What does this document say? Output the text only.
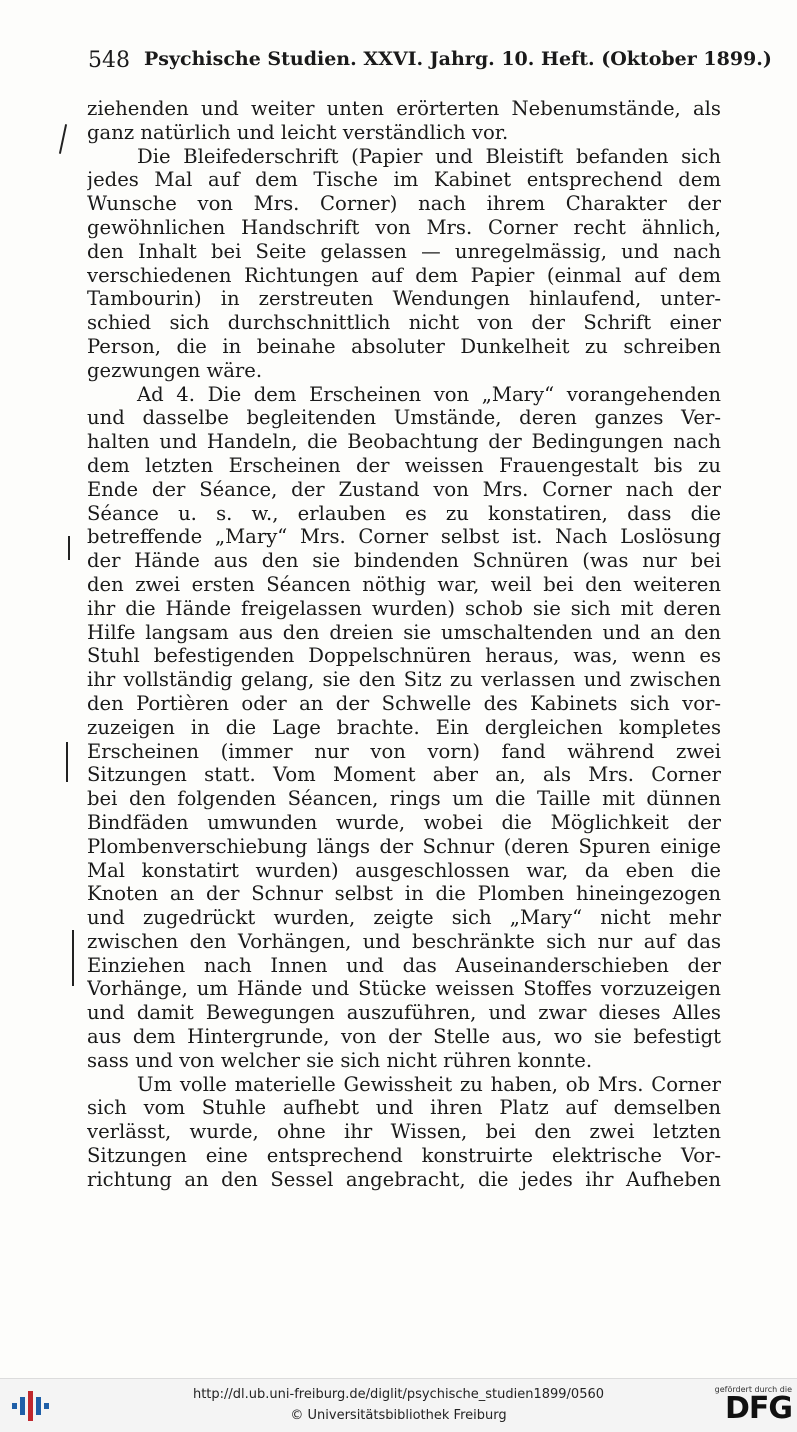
548 Psychische Studien. XXVI. Jahrg. 10. Heft. (Oktober 1899.)
ziehenden und weiter unten erörterten Nebenumstände, als
ganz natürlich und leicht verständlich vor.
Die Bleifederschrift (Papier und Bleistift befanden sich
jedes Mal auf dem Tische im Kabinet entsprechend dem
Wunsche von Mrs. Corner) nach ihrem Charakter der
gewöhnlichen Handschrift von Mrs. Corner recht ähnlich,
den Inhalt bei Seite gelassen — unregelmässig, und nach
verschiedenen Richtungen auf dem Papier (einmal auf dem
Tambourin) in zerstreuten Wendungen hinlaufend, unter-
schied sich durchschnittlich nicht von der Schrift einer
Person, die in beinahe absoluter Dunkelheit zu schreiben
gezwungen wäre.
Ad 4. Die dem Erscheinen von „Mary“ vorangehenden
und dasselbe begleitenden Umstände, deren ganzes Ver-
halten und Handeln, die Beobachtung der Bedingungen nach
dem letzten Erscheinen der weissen Frauengestalt bis zu
Ende der Séance, der Zustand von Mrs. Corner nach der
Séance u. s. w., erlauben es zu konstatiren, dass die
betreffende „Mary“ Mrs. Corner selbst ist. Nach Loslösung
der Hände aus den sie bindenden Schnüren (was nur bei
den zwei ersten Séancen nöthig war, weil bei den weiteren
ihr die Hände freigelassen wurden) schob sie sich mit deren
Hilfe langsam aus den dreien sie umschaltenden und an den
Stuhl befestigenden Doppelschnüren heraus, was, wenn es
ihr vollständig gelang, sie den Sitz zu verlassen und zwischen
den Portièren oder an der Schwelle des Kabinets sich vor-
zuzeigen in die Lage brachte. Ein dergleichen kompletes
Erscheinen (immer nur von vorn) fand während zwei
Sitzungen statt. Vom Moment aber an, als Mrs. Corner
bei den folgenden Séancen, rings um die Taille mit dünnen
Bindfäden umwunden wurde, wobei die Möglichkeit der
Plombenverschiebung längs der Schnur (deren Spuren einige
Mal konstatirt wurden) ausgeschlossen war, da eben die
Knoten an der Schnur selbst in die Plomben hineingezogen
und zugedrückt wurden, zeigte sich „Mary“ nicht mehr
zwischen den Vorhängen, und beschränkte sich nur auf das
Einziehen nach Innen und das Auseinanderschieben der
Vorhänge, um Hände und Stücke weissen Stoffes vorzuzeigen
und damit Bewegungen auszuführen, und zwar dieses Alles
aus dem Hintergrunde, von der Stelle aus, wo sie befestigt
sass und von welcher sie sich nicht rühren konnte.
Um volle materielle Gewissheit zu haben, ob Mrs. Corner
sich vom Stuhle aufhebt und ihren Platz auf demselben
verlässt, wurde, ohne ihr Wissen, bei den zwei letzten
Sitzungen eine entsprechend konstruirte elektrische Vor-
richtung an den Sessel angebracht, die jedes ihr Aufheben
http://dl.ub.uni-freiburg.de/diglit/psychische_studien1899/0560
© Universitätsbibliothek Freiburg
gefördert durch die
DFG
